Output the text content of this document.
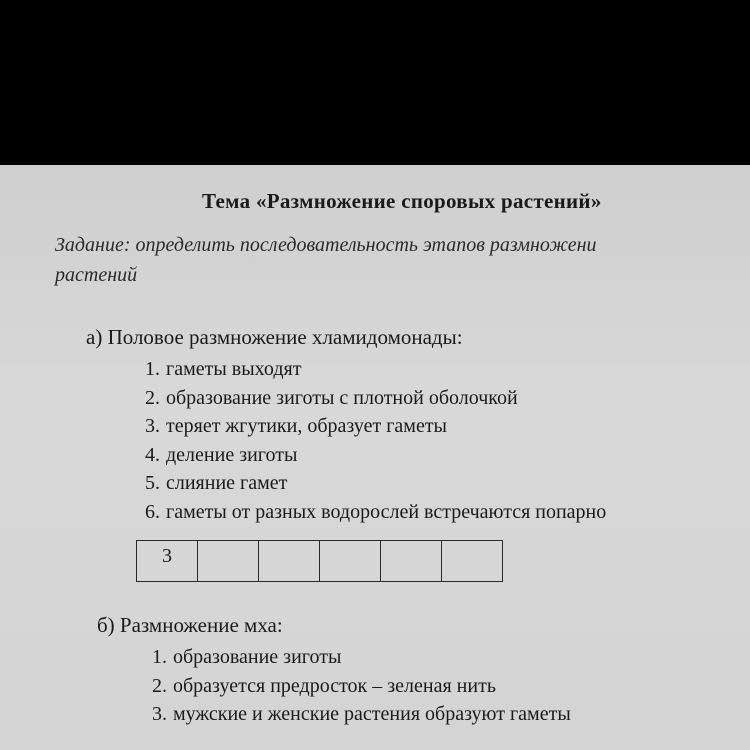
Тема «Размножение споровых растений»
Задание: определить последовательность этапов размножени
растений
а) Половое размножение хламидомонады:
1. гаметы выходят
2. образование зиготы с плотной оболочкой
3. теряет жгутики, образует гаметы
4. деление зиготы
5. слияние гамет
6. гаметы от разных водорослей встречаются попарно
3					
б) Размножение мха:
1. образование зиготы
2. образуется предросток – зеленая нить
3. мужские и женские растения образуют гаметы
